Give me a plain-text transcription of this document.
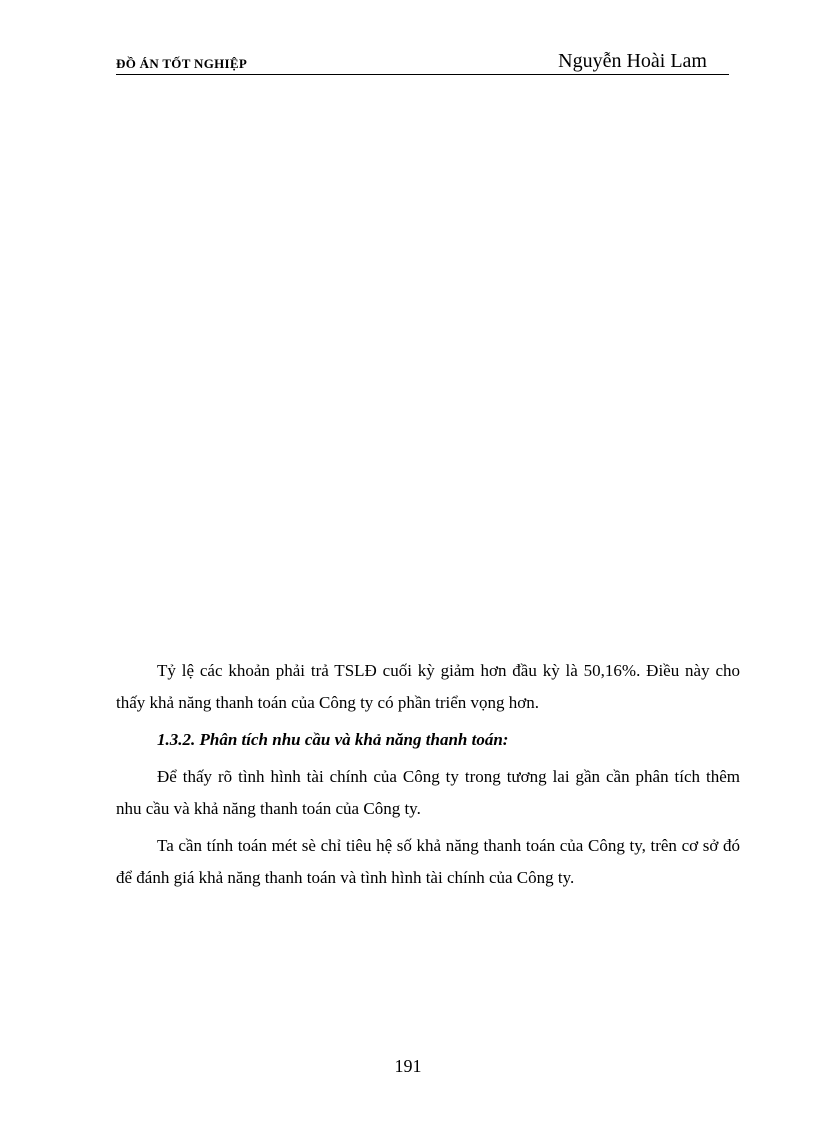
ĐỒ ÁN TỐT NGHIỆP	Nguyễn Hoài Lam

Tỷ lệ các khoản phải trả TSLĐ cuối kỳ giảm hơn đầu kỳ là 50,16%. Điều này cho thấy khả năng thanh toán của Công ty có phần triển vọng hơn.

1.3.2. Phân tích nhu cầu và khả năng thanh toán:

Để thấy rõ tình hình tài chính của Công ty trong tương lai gần cần phân tích thêm nhu cầu và khả năng thanh toán của Công ty.

Ta cần tính toán mét sè chỉ tiêu hệ số khả năng thanh toán của Công ty, trên cơ sở đó để đánh giá khả năng thanh toán và tình hình tài chính của Công ty.

191
